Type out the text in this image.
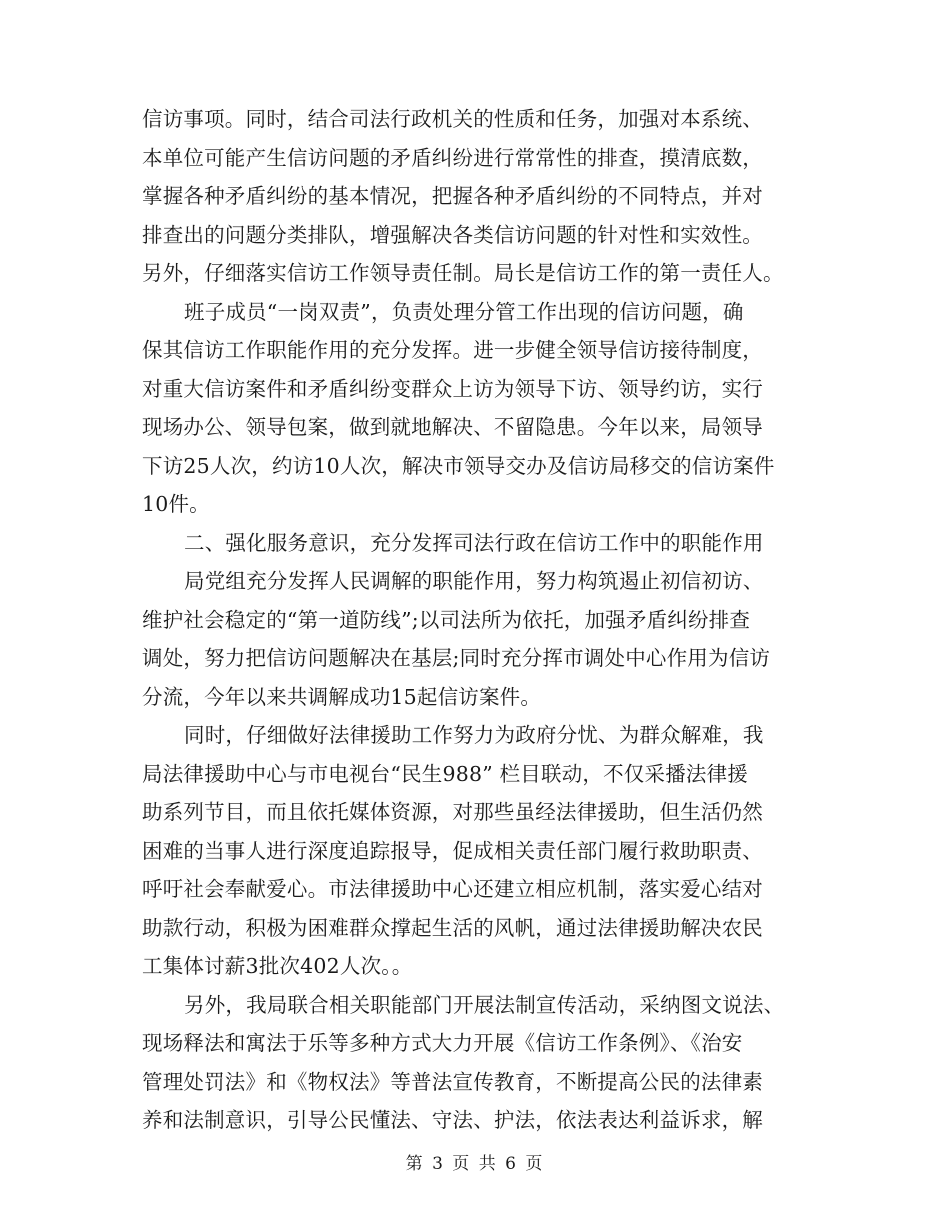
信访事项。同时，结合司法行政机关的性质和任务，加强对本系统、
本单位可能产生信访问题的矛盾纠纷进行常常性的排查，摸清底数，
掌握各种矛盾纠纷的基本情况，把握各种矛盾纠纷的不同特点，并对
排查出的问题分类排队，增强解决各类信访问题的针对性和实效性。
另外，仔细落实信访工作领导责任制。局长是信访工作的第一责任人。
班子成员“一岗双责”，负责处理分管工作出现的信访问题，确
保其信访工作职能作用的充分发挥。进一步健全领导信访接待制度，
对重大信访案件和矛盾纠纷变群众上访为领导下访、领导约访，实行
现场办公、领导包案，做到就地解决、不留隐患。今年以来，局领导
下访25人次，约访10人次，解决市领导交办及信访局移交的信访案件
10件。
二、强化服务意识，充分发挥司法行政在信访工作中的职能作用
局党组充分发挥人民调解的职能作用，努力构筑遏止初信初访、
维护社会稳定的“第一道防线”;以司法所为依托，加强矛盾纠纷排查
调处，努力把信访问题解决在基层;同时充分挥市调处中心作用为信访
分流，今年以来共调解成功15起信访案件。
同时，仔细做好法律援助工作努力为政府分忧、为群众解难，我
局法律援助中心与市电视台“民生988” 栏目联动，不仅采播法律援
助系列节目，而且依托媒体资源，对那些虽经法律援助，但生活仍然
困难的当事人进行深度追踪报导，促成相关责任部门履行救助职责、
呼吁社会奉献爱心。市法律援助中心还建立相应机制，落实爱心结对
助款行动，积极为困难群众撑起生活的风帆，通过法律援助解决农民
工集体讨薪3批次402人次。。
另外，我局联合相关职能部门开展法制宣传活动，采纳图文说法、
现场释法和寓法于乐等多种方式大力开展《信访工作条例》、《治安
管理处罚法》和《物权法》等普法宣传教育，不断提高公民的法律素
养和法制意识，引导公民懂法、守法、护法，依法表达利益诉求，解
第 3 页 共 6 页
